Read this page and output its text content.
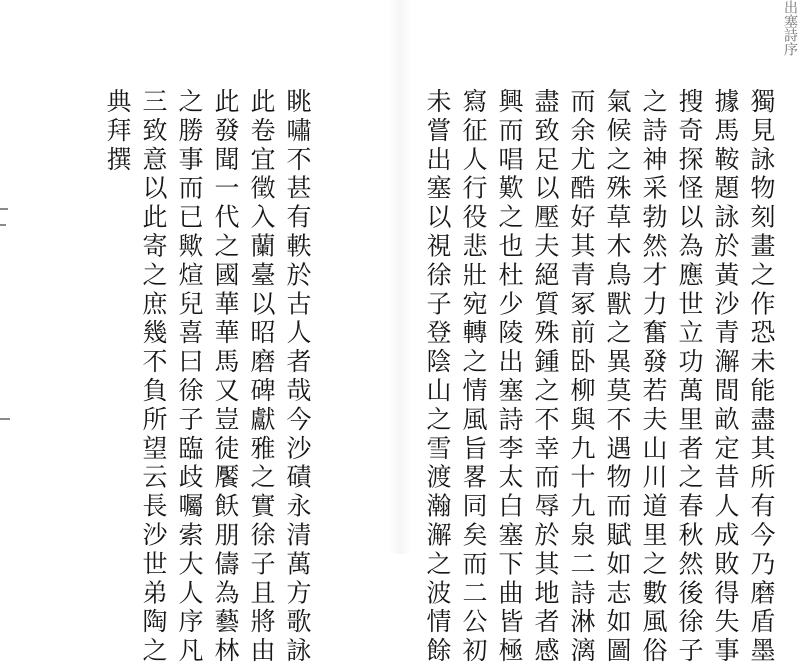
出塞詩序
獨見詠物刻畫之作恐未能盡其所有今乃磨盾墨
據馬鞍題詠於黃沙青澥間畝定昔人成敗得失事
搜奇探怪以為應世立功萬里者之春秋然後徐子
之詩神采勃然才力奮發若夫山川道里之數風俗
氣候之殊草木鳥獸之異莫不遇物而賦如志如圖
而余尤酷好其青冢前卧柳與九十九泉二詩淋漓
盡致足以壓夫絕質殊鍾之不幸而辱於其地者感
興而唱歎之也杜少陵出塞詩李太白塞下曲皆極
寫征人行役悲壯宛轉之情風旨畧同矣而二公初
未嘗出塞以視徐子登陰山之雪渡瀚澥之波情餘
眺嘯不甚有軼於古人者哉今沙磧永清萬方歌詠
此卷宜徵入蘭臺以昭磨碑獻雅之實徐子且將由
此發聞一代之國華華馬又豈徒饜飫朋儔為藝林
之勝事而已歟煊兒喜曰徐子臨歧囑索大人序凡
三致意以此寄之庶幾不負所望云長沙世弟陶之
典拜撰
